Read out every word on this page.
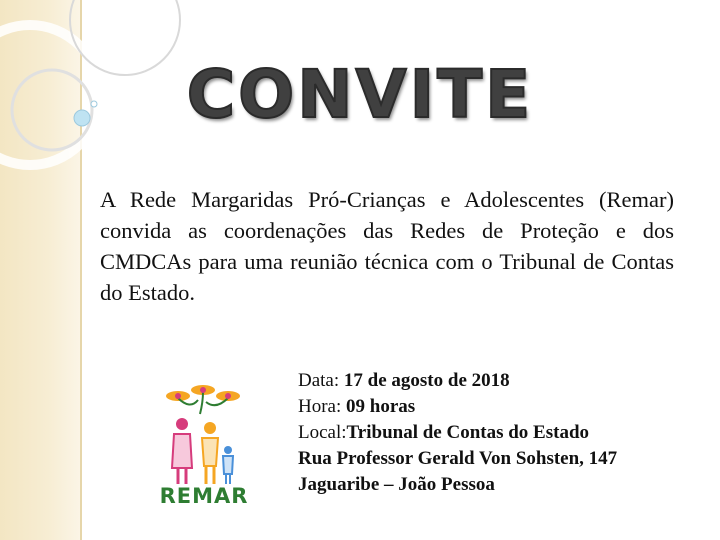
CONVITE
A Rede Margaridas Pró-Crianças e Adolescentes (Remar) convida as coordenações das Redes de Proteção e dos CMDCAs para uma reunião técnica com o Tribunal de Contas do Estado.
REMAR
Data: 17 de agosto de 2018
Hora: 09 horas
Local:Tribunal de Contas do Estado
Rua Professor Gerald Von Sohsten, 147
Jaguaribe – João Pessoa
